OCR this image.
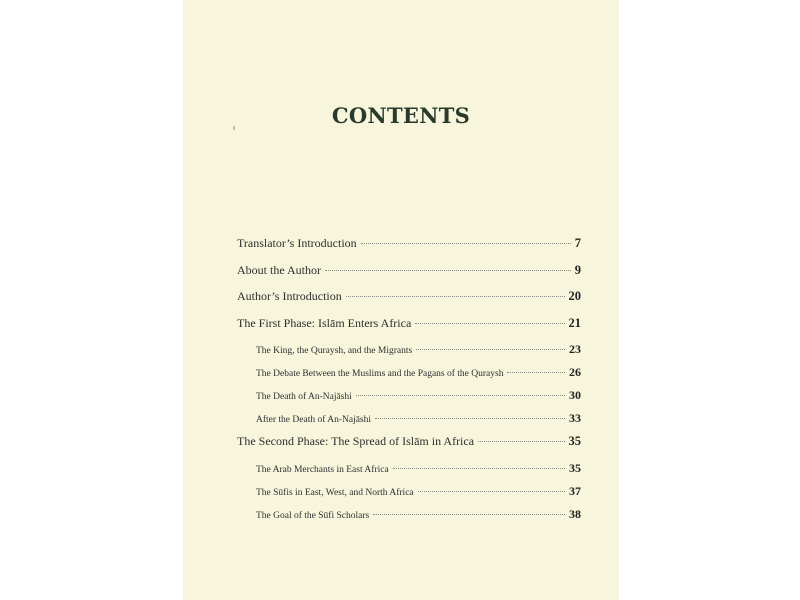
CONTENTS
Translator’s Introduction	7
About the Author	9
Author’s Introduction	20
The First Phase: Islām Enters Africa	21
The King, the Quraysh, and the Migrants	23
The Debate Between the Muslims and the Pagans of the Quraysh	26
The Death of An-Najāshi	30
After the Death of An-Najāshi	33
The Second Phase: The Spread of Islām in Africa	35
The Arab Merchants in East Africa	35
The Sūfis in East, West, and North Africa	37
The Goal of the Sūfi Scholars	38
